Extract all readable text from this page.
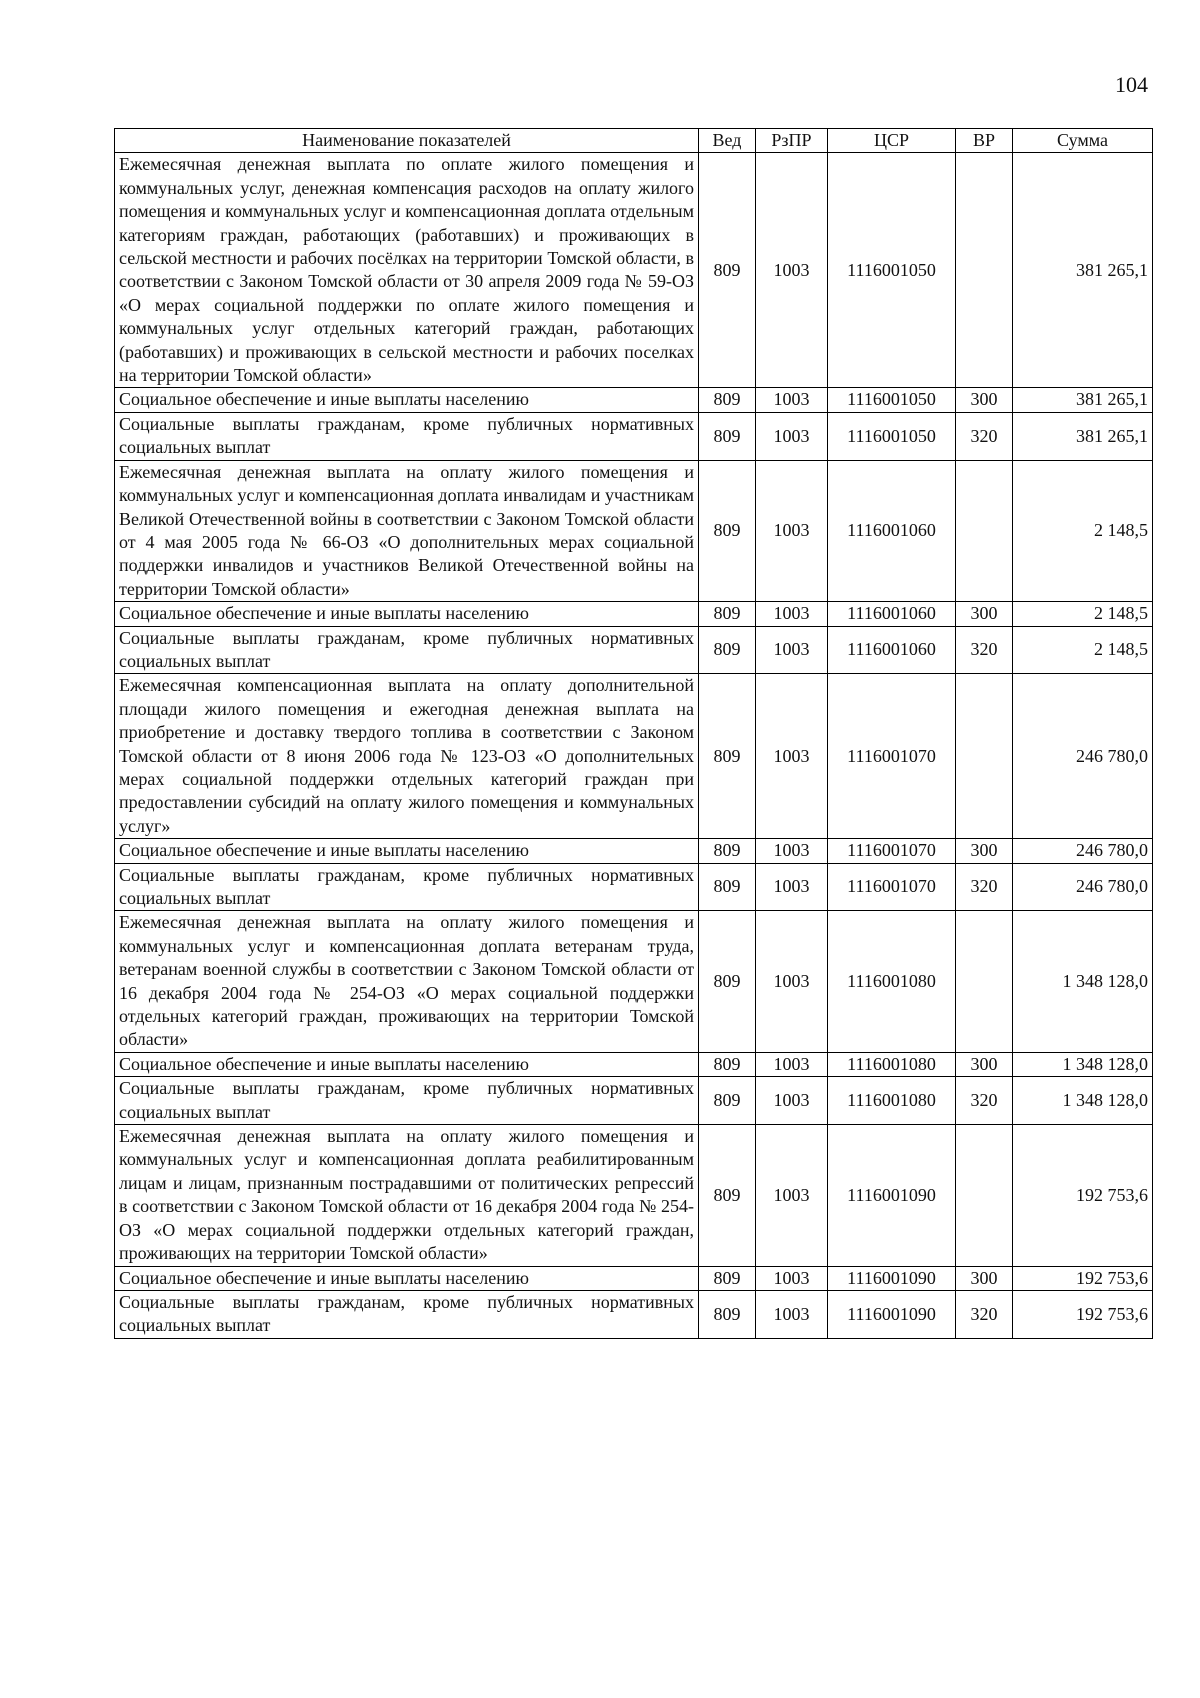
104
Наименование показателей	Вед	РзПР	ЦСР	ВР	Сумма
Ежемесячная денежная выплата по оплате жилого помещения и коммунальных услуг, денежная компенсация расходов на оплату жилого помещения и коммунальных услуг и компенсационная доплата отдельным категориям граждан, работающих (работавших) и проживающих в сельской местности и рабочих посёлках на территории Томской области, в соответствии с Законом Томской области от 30 апреля 2009 года № 59-ОЗ «О мерах социальной поддержки по оплате жилого помещения и коммунальных услуг отдельных категорий граждан, работающих (работавших) и проживающих в сельской местности и рабочих поселках на территории Томской области»	809	1003	1116001050		381 265,1
Социальное обеспечение и иные выплаты населению	809	1003	1116001050	300	381 265,1
Социальные выплаты гражданам, кроме публичных нормативных социальных выплат	809	1003	1116001050	320	381 265,1
Ежемесячная денежная выплата на оплату жилого помещения и коммунальных услуг и компенсационная доплата инвалидам и участникам Великой Отечественной войны в соответствии с Законом Томской области от 4 мая 2005 года № 66-ОЗ «О дополнительных мерах социальной поддержки инвалидов и участников Великой Отечественной войны на территории Томской области»	809	1003	1116001060		2 148,5
Социальное обеспечение и иные выплаты населению	809	1003	1116001060	300	2 148,5
Социальные выплаты гражданам, кроме публичных нормативных социальных выплат	809	1003	1116001060	320	2 148,5
Ежемесячная компенсационная выплата на оплату дополнительной площади жилого помещения и ежегодная денежная выплата на приобретение и доставку твердого топлива в соответствии с Законом Томской области от 8 июня 2006 года № 123-ОЗ «О дополнительных мерах социальной поддержки отдельных категорий граждан при предоставлении субсидий на оплату жилого помещения и коммунальных услуг»	809	1003	1116001070		246 780,0
Социальное обеспечение и иные выплаты населению	809	1003	1116001070	300	246 780,0
Социальные выплаты гражданам, кроме публичных нормативных социальных выплат	809	1003	1116001070	320	246 780,0
Ежемесячная денежная выплата на оплату жилого помещения и коммунальных услуг и компенсационная доплата ветеранам труда, ветеранам военной службы в соответствии с Законом Томской области от 16 декабря 2004 года № 254-ОЗ «О мерах социальной поддержки отдельных категорий граждан, проживающих на территории Томской области»	809	1003	1116001080		1 348 128,0
Социальное обеспечение и иные выплаты населению	809	1003	1116001080	300	1 348 128,0
Социальные выплаты гражданам, кроме публичных нормативных социальных выплат	809	1003	1116001080	320	1 348 128,0
Ежемесячная денежная выплата на оплату жилого помещения и коммунальных услуг и компенсационная доплата реабилитированным лицам и лицам, признанным пострадавшими от политических репрессий в соответствии с Законом Томской области от 16 декабря 2004 года № 254-ОЗ «О мерах социальной поддержки отдельных категорий граждан, проживающих на территории Томской области»	809	1003	1116001090		192 753,6
Социальное обеспечение и иные выплаты населению	809	1003	1116001090	300	192 753,6
Социальные выплаты гражданам, кроме публичных нормативных социальных выплат	809	1003	1116001090	320	192 753,6
